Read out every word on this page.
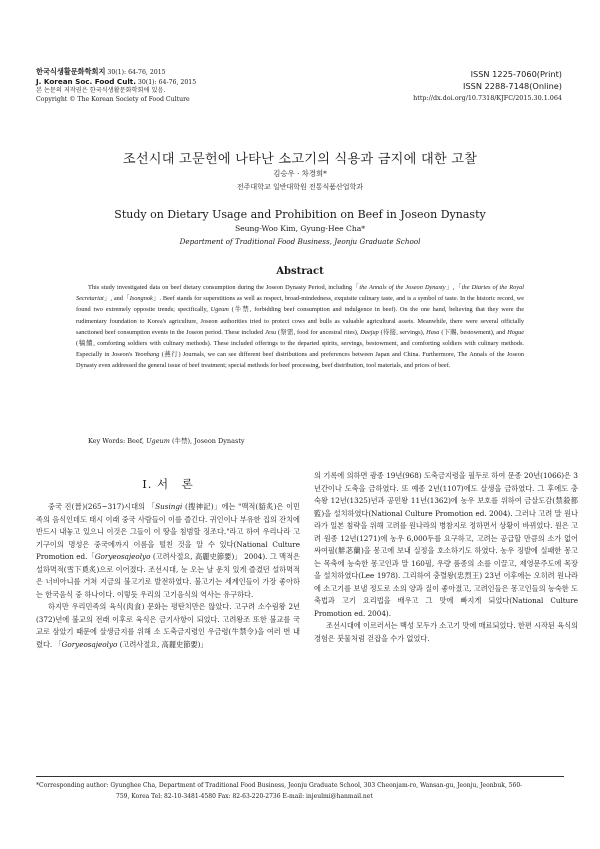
한국식생활문화학회지 30(1): 64-76, 2015
J. Korean Soc. Food Cult. 30(1): 64-76, 2015
본 논문의 저작권은 한국식생활문화학회에 있음.
Copyright © The Korean Society of Food Culture
ISSN 1225-7060(Print)
ISSN 2288-7148(Online)
http://dx.doi.org/10.7318/KJFC/2015.30.1.064
조선시대 고문헌에 나타난 소고기의 식용과 금지에 대한 고찰
김승우 · 차경희*
전주대학교 일반대학원 전통식품산업학과
Study on Dietary Usage and Prohibition on Beef in Joseon Dynasty
Seung-Woo Kim, Gyung-Hee Cha*
Department of Traditional Food Business, Jeonju Graduate School
Abstract
This study investigated data on beef dietary consumption during the Joseon Dynasty Period, including「the Annals of the Joseon Dynasty」,「the Diaries of the Royal Secretariat」, and「Isongnok」. Beef stands for superstitions as well as respect, broad-mindedness, exquisite culinary taste, and is a symbol of taste. In the historic record, we found two extremely opposite trends; specifically, Ugeum (牛禁, forbidding beef consumption and indulgence in beef). On the one hand, believing that they were the rudimentary foundation to Korea's agriculture, Joseon authorities tried to protect cows and bulls as valuable agricultural assets. Meanwhile, there were several officially sanctioned beef consumption events in the Joseon period. These included Jesu (祭需, food for ancestral rites), Daejup (待接, servings), Hasa (下賜, bestowment), and Hogue (犒饋, comforting soldiers with culinary methods). These included offerings to the departed spirits, servings, bestowment, and comforting soldiers with culinary methods. Especially in Joseon's Yeonhang (燕行) Journals, we can see different beef distributions and preferences between Japan and China. Furthermore, The Annals of the Joseon Dynasty even addressed the general issue of beef treatment; special methods for beef processing, beef distribution, tool materials, and prices of beef.
Key Words: Beef, Ugeum (牛禁), Joseon Dynasty
Ⅰ. 서　론

중국 진(晉)(265~317)시대의 「Susingi (搜神記)」에는 "맥적(貊炙)은 이민족의 음식인데도 태시 이래 중국 사람들이 이를 즐긴다. 귀인이나 부유한 집의 잔치에 반드시 내놓고 있으니 이것은 그들이 이 땅을 침범할 징조다."라고 하여 우리나라 고기구이의 명성은 중국에까지 이름을 떨친 것을 알 수 있다(National Culture Promotion ed.「Goryeosajeolyo (고려사절요, 高麗史節要)」 2004). 그 맥적은 설하멱적(雪下覓炙)으로 이어졌다. 조선시대, 눈 오는 날 운치 있게 즐겼던 설하멱적은 너비아니를 거쳐 지금의 불고기로 발전하였다. 불고기는 세계인들이 가장 좋아하는 한국음식 중 하나이다. 이렇듯 우리의 고기음식의 역사는 유구하다.

하지만 우리민족의 육식(肉食) 문화는 평탄치만은 않았다. 고구려 소수림왕 2년(372)년에 불교의 전래 이후로 육식은 금기사항이 되었다. 고려왕조 또한 불교를 국교로 삼았기 때문에 살생금지를 위해 소 도축금지령인 우금령(牛禁令)을 여러 번 내렸다. 「Goryeosajeolyo (고려사절요, 高麗史節要)」

의 기록에 의하면 광종 19년(968) 도축금지령을 필두로 하여 문종 20년(1066)은 3년간이나 도축을 금하였다. 또 예종 2년(1107)에도 살생을 금하였다. 그 후에도 충숙왕 12년(1325)년과 공민왕 11년(1362)에 농우 보호를 위하여 금살도감(禁殺都監)을 설치하였다(National Culture Promotion ed. 2004). 그러나 고려 말 원나라가 일본 침략을 위해 고려를 원나라의 병참지로 정하면서 상황이 바뀌었다. 원은 고려 원종 12년(1271)에 농우 6,000두를 요구하고, 고려는 공급할 만큼의 소가 없어 싸여필(觧苾蘭)을 몽고에 보내 실정을 호소하기도 하였다. 농우 징발에 실패한 몽고는 목축에 능숙한 몽고인과 말 160필, 우량 품종의 소를 이끌고, 제영문주도에 목장을 설치하였다(Lee 1978). 그리하여 충렬왕(忠烈王) 23년 이후에는 오히려 원나라에 소고기를 보낼 정도로 소의 양과 질이 좋아졌고, 고려인들은 몽고인들의 능숙한 도축법과 고기 요리법을 배우고 그 맛에 빠지게 되었다(National Culture Promotion ed. 2004).

조선시대에 이르러서는 백성 모두가 소고기 맛에 매료되었다. 한편 시작된 육식의 경험은 붓물처럼 걷잡을 수가 없었다.

*Corresponding author: Gyunghee Cha, Department of Traditional Food Business, Jeonju Graduate School, 303 Cheonjam-ro, Wansan-gu, Jeonju, Jeonbuk, 560-
759, Korea Tel: 82-10-3481-4580 Fax: 82-63-220-2736 E-mail: injeulmi@hanmail.net
